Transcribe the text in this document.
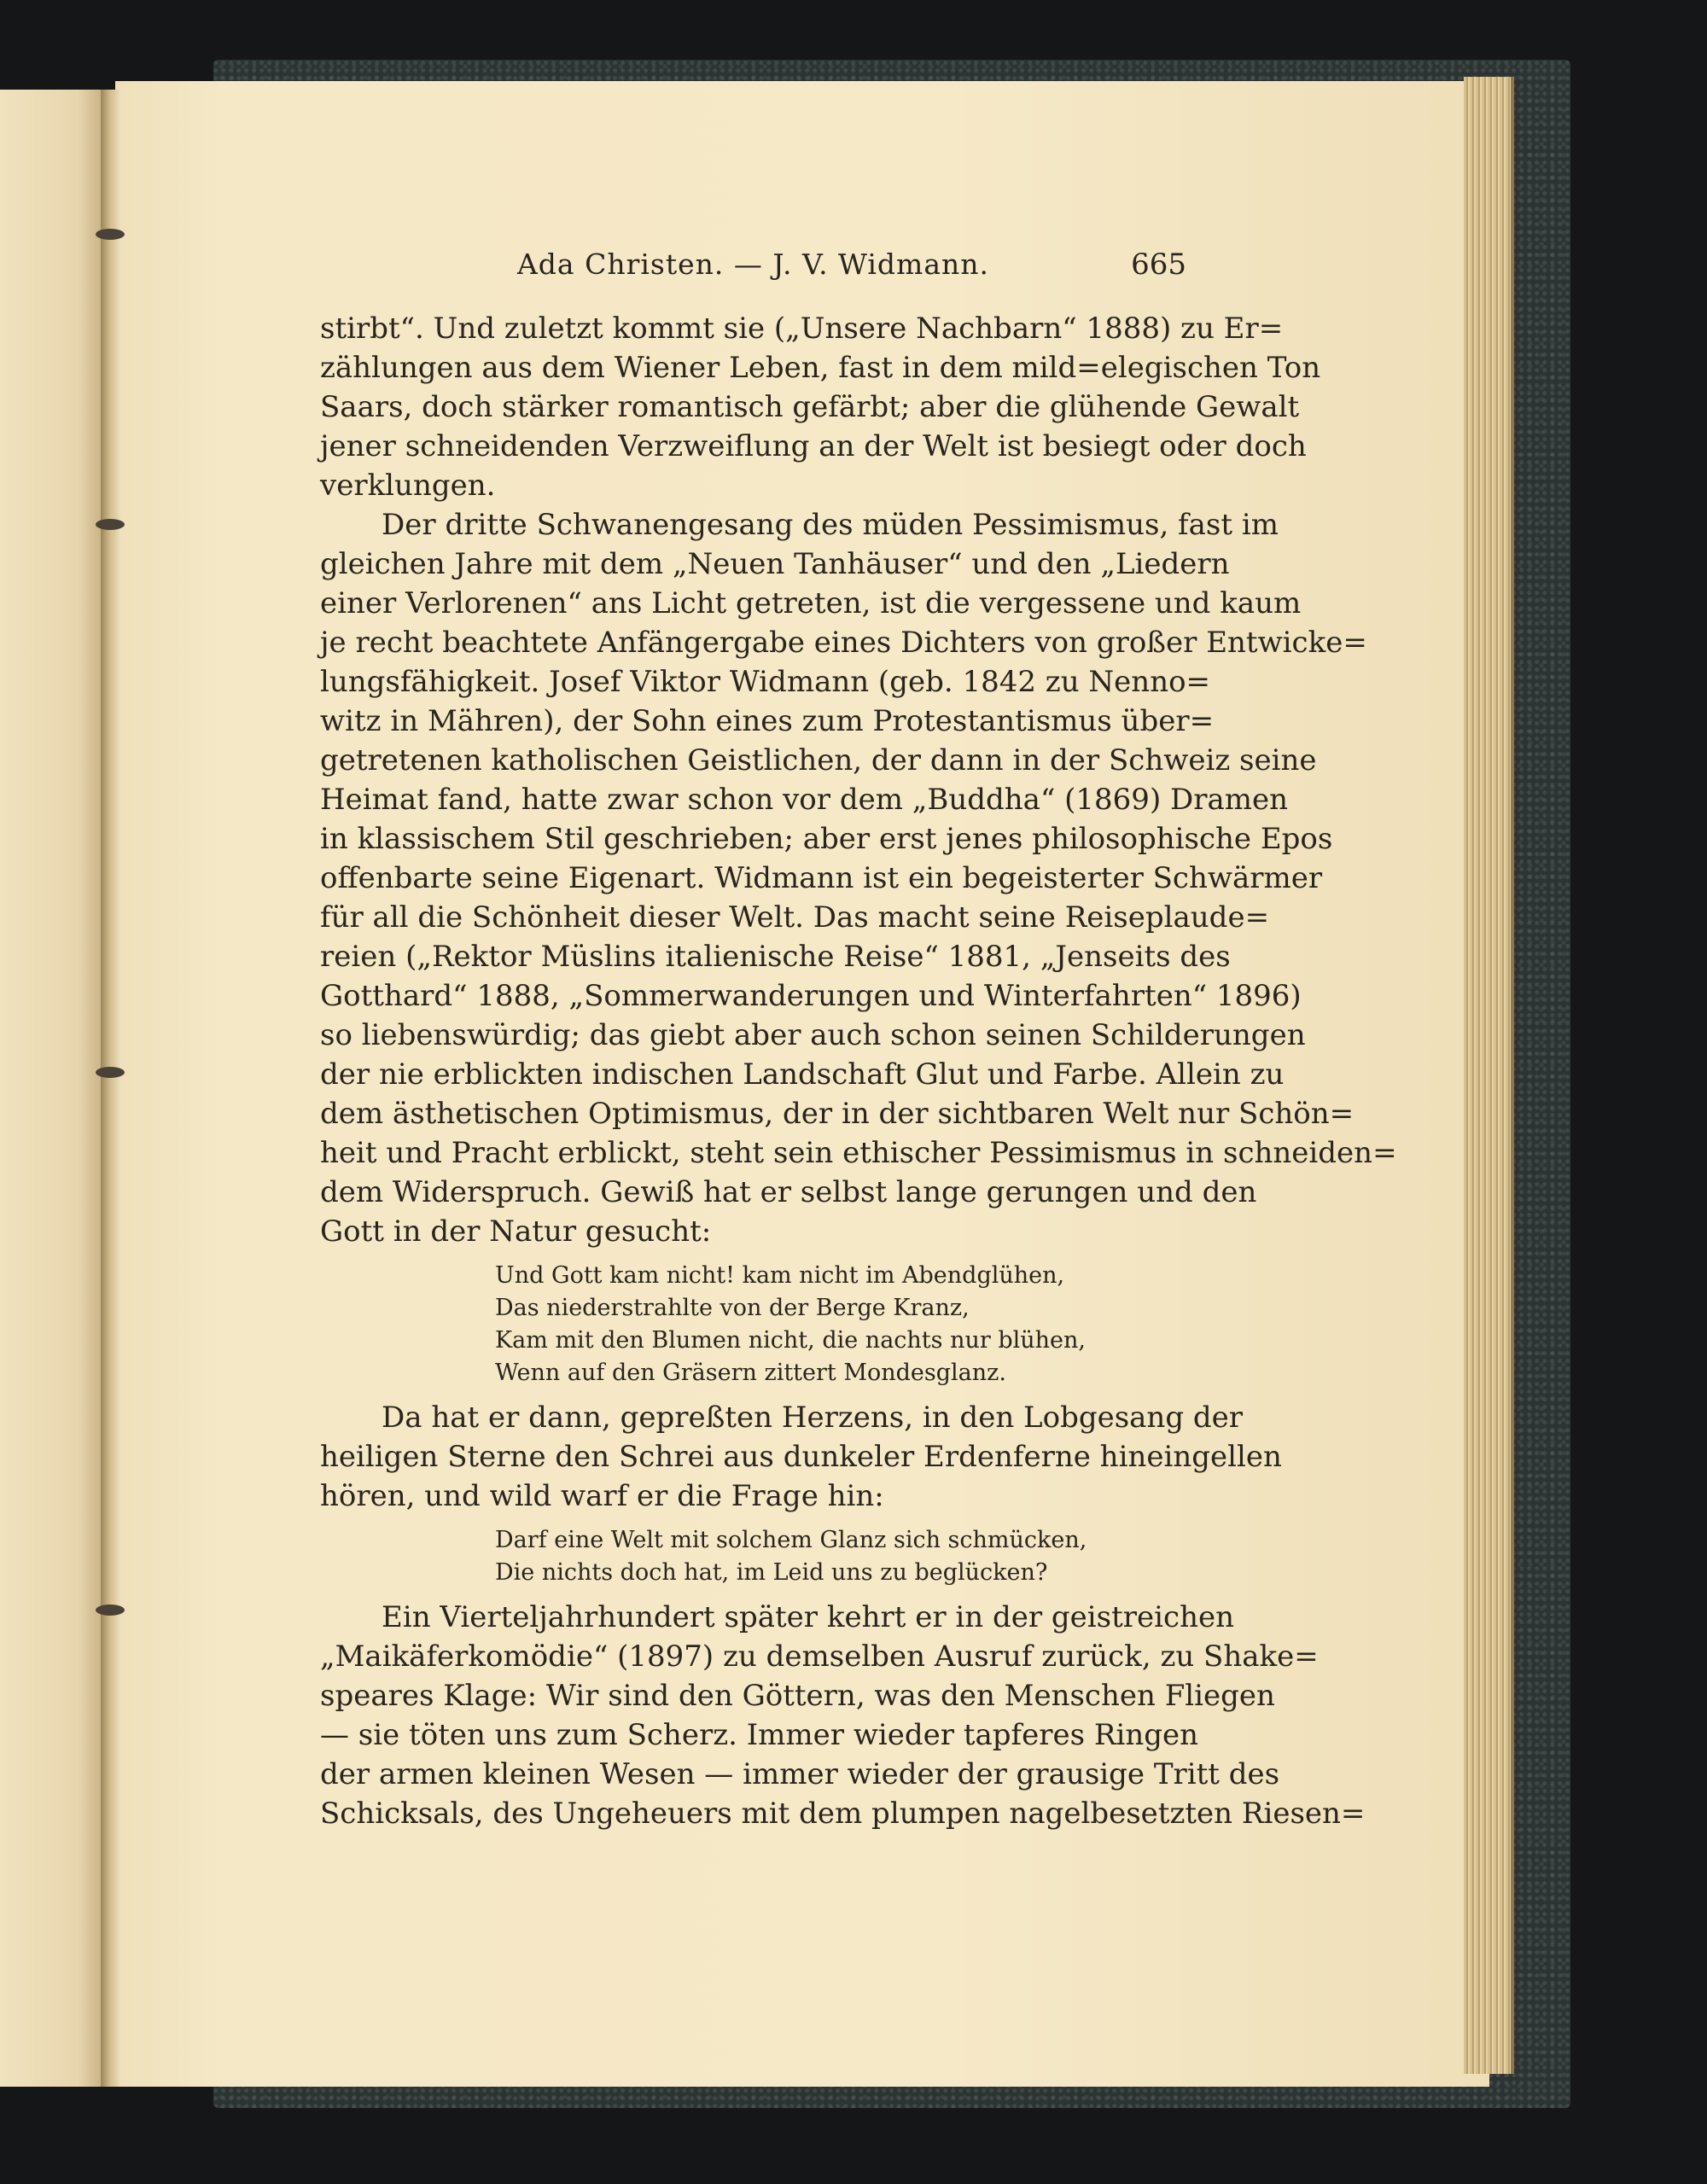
Ada Christen. — J. V. Widmann.	665
stirbt“. Und zuletzt kommt sie („Unsere Nachbarn“ 1888) zu Er=
zählungen aus dem Wiener Leben, fast in dem mild=elegischen Ton
Saars, doch stärker romantisch gefärbt; aber die glühende Gewalt
jener schneidenden Verzweiflung an der Welt ist besiegt oder doch
verklungen.
Der dritte Schwanengesang des müden Pessimismus, fast im
gleichen Jahre mit dem „Neuen Tanhäuser“ und den „Liedern
einer Verlorenen“ ans Licht getreten, ist die vergessene und kaum
je recht beachtete Anfängergabe eines Dichters von großer Entwicke=
lungsfähigkeit. Josef Viktor Widmann (geb. 1842 zu Nenno=
witz in Mähren), der Sohn eines zum Protestantismus über=
getretenen katholischen Geistlichen, der dann in der Schweiz seine
Heimat fand, hatte zwar schon vor dem „Buddha“ (1869) Dramen
in klassischem Stil geschrieben; aber erst jenes philosophische Epos
offenbarte seine Eigenart. Widmann ist ein begeisterter Schwärmer
für all die Schönheit dieser Welt. Das macht seine Reiseplaude=
reien („Rektor Müslins italienische Reise“ 1881, „Jenseits des
Gotthard“ 1888, „Sommerwanderungen und Winterfahrten“ 1896)
so liebenswürdig; das giebt aber auch schon seinen Schilderungen
der nie erblickten indischen Landschaft Glut und Farbe. Allein zu
dem ästhetischen Optimismus, der in der sichtbaren Welt nur Schön=
heit und Pracht erblickt, steht sein ethischer Pessimismus in schneiden=
dem Widerspruch. Gewiß hat er selbst lange gerungen und den
Gott in der Natur gesucht:
Und Gott kam nicht! kam nicht im Abendglühen,
Das niederstrahlte von der Berge Kranz,
Kam mit den Blumen nicht, die nachts nur blühen,
Wenn auf den Gräsern zittert Mondesglanz.
Da hat er dann, gepreßten Herzens, in den Lobgesang der
heiligen Sterne den Schrei aus dunkeler Erdenferne hineingellen
hören, und wild warf er die Frage hin:
Darf eine Welt mit solchem Glanz sich schmücken,
Die nichts doch hat, im Leid uns zu beglücken?
Ein Vierteljahrhundert später kehrt er in der geistreichen
„Maikäferkomödie“ (1897) zu demselben Ausruf zurück, zu Shake=
speares Klage: Wir sind den Göttern, was den Menschen Fliegen
— sie töten uns zum Scherz. Immer wieder tapferes Ringen
der armen kleinen Wesen — immer wieder der grausige Tritt des
Schicksals, des Ungeheuers mit dem plumpen nagelbesetzten Riesen=
